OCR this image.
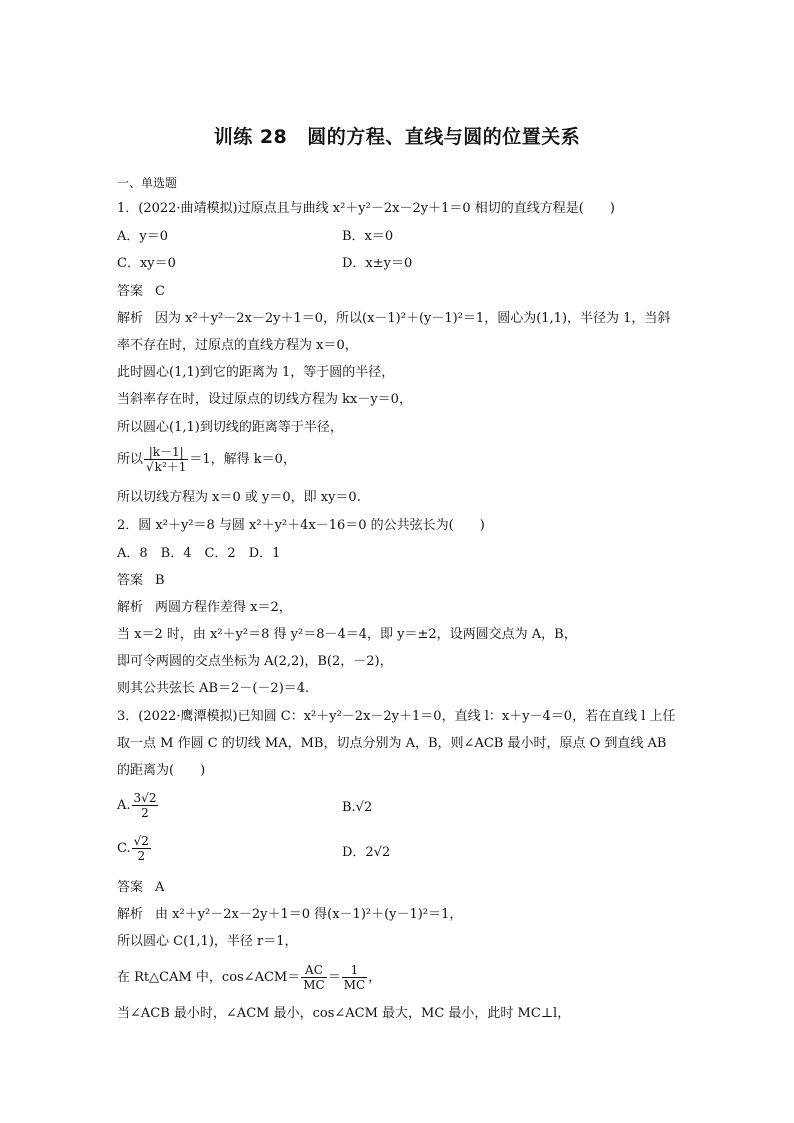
训练 28 圆的方程、直线与圆的位置关系
一、单选题
1．(2022·曲靖模拟)过原点且与曲线 x²＋y²－2x－2y＋1＝0 相切的直线方程是(　　)
A．y＝0	B．x＝0
C．xy＝0	D．x±y＝0
答案 C
解析 因为 x²＋y²－2x－2y＋1＝0，所以(x－1)²＋(y－1)²＝1，圆心为(1,1)，半径为 1，当斜
率不存在时，过原点的直线方程为 x＝0，
此时圆心(1,1)到它的距离为 1，等于圆的半径，
当斜率存在时，设过原点的切线方程为 kx－y＝0，
所以圆心(1,1)到切线的距离等于半径，
所以 $\frac{|k-1|}{\text{√k²＋1}} =1$，解得 k＝0，
所以切线方程为 x＝0 或 y＝0，即 xy＝0.
2．圆 x²＋y²＝8 与圆 x²＋y²＋4x－16＝0 的公共弦长为(　　)
A．8　B．4　C．2　D．1
答案 B
解析 两圆方程作差得 x＝2，
当 x＝2 时，由 x²＋y²＝8 得 y²＝8－4＝4，即 y＝±2，设两圆交点为 A，B，
即可令两圆的交点坐标为 A(2,2)，B(2，－2)，
则其公共弦长 AB＝2－(－2)＝4.
3．(2022·鹰潭模拟)已知圆 C：x²＋y²－2x－2y＋1＝0，直线 l：x＋y－4＝0，若在直线 l 上任
取一点 M 作圆 C 的切线 MA，MB，切点分别为 A，B，则∠ACB 最小时，原点 O 到直线 AB
的距离为(　　)
A. $\frac{3√2}{2}$	B.√2
C. $\frac{√2}{2}$	D．2√2
答案 A
解析 由 x²＋y²－2x－2y＋1＝0 得(x－1)²＋(y－1)²＝1，
所以圆心 C(1,1)，半径 r＝1，
在 Rt△CAM 中，cos∠ACM＝ $\frac{AC}{MC} = \frac{1}{MC}$ ，
当∠ACB 最小时，∠ACM 最小，cos∠ACM 最大，MC 最小，此时 MC⊥l，
